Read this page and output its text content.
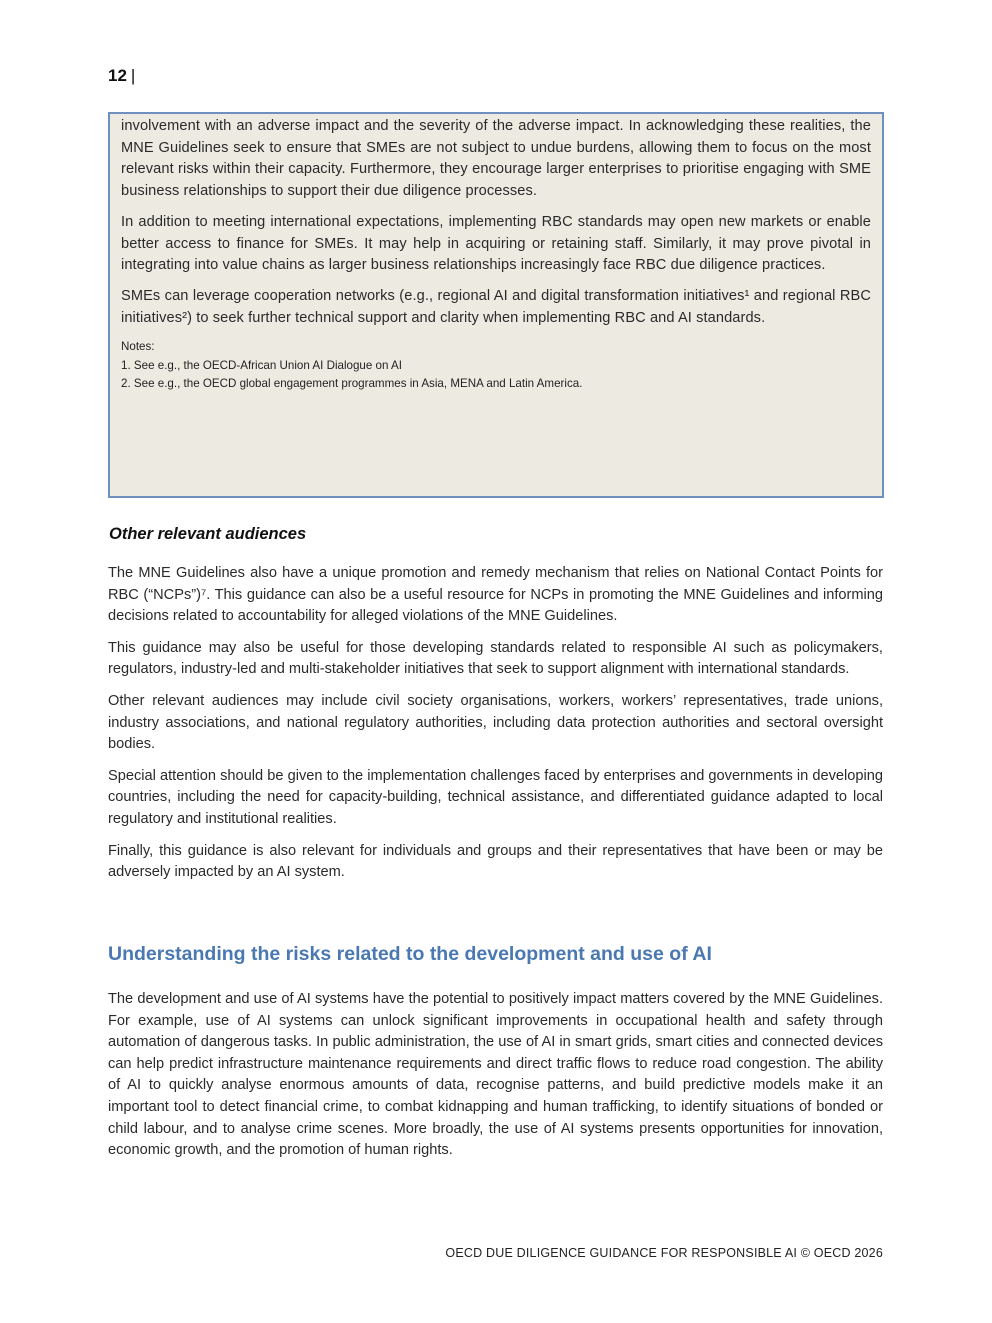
12 |

involvement with an adverse impact and the severity of the adverse impact. In acknowledging these realities, the MNE Guidelines seek to ensure that SMEs are not subject to undue burdens, allowing them to focus on the most relevant risks within their capacity. Furthermore, they encourage larger enterprises to prioritise engaging with SME business relationships to support their due diligence processes.

In addition to meeting international expectations, implementing RBC standards may open new markets or enable better access to finance for SMEs. It may help in acquiring or retaining staff. Similarly, it may prove pivotal in integrating into value chains as larger business relationships increasingly face RBC due diligence practices.

SMEs can leverage cooperation networks (e.g., regional AI and digital transformation initiatives¹ and regional RBC initiatives²) to seek further technical support and clarity when implementing RBC and AI standards.

Notes:
1. See e.g., the OECD-African Union AI Dialogue on AI
2. See e.g., the OECD global engagement programmes in Asia, MENA and Latin America.
Other relevant audiences

The MNE Guidelines also have a unique promotion and remedy mechanism that relies on National Contact Points for RBC (“NCPs”)⁷. This guidance can also be a useful resource for NCPs in promoting the MNE Guidelines and informing decisions related to accountability for alleged violations of the MNE Guidelines.

This guidance may also be useful for those developing standards related to responsible AI such as policymakers, regulators, industry-led and multi-stakeholder initiatives that seek to support alignment with international standards.

Other relevant audiences may include civil society organisations, workers, workers’ representatives, trade unions, industry associations, and national regulatory authorities, including data protection authorities and sectoral oversight bodies.

Special attention should be given to the implementation challenges faced by enterprises and governments in developing countries, including the need for capacity-building, technical assistance, and differentiated guidance adapted to local regulatory and institutional realities.

Finally, this guidance is also relevant for individuals and groups and their representatives that have been or may be adversely impacted by an AI system.

Understanding the risks related to the development and use of AI

The development and use of AI systems have the potential to positively impact matters covered by the MNE Guidelines. For example, use of AI systems can unlock significant improvements in occupational health and safety through automation of dangerous tasks. In public administration, the use of AI in smart grids, smart cities and connected devices can help predict infrastructure maintenance requirements and direct traffic flows to reduce road congestion. The ability of AI to quickly analyse enormous amounts of data, recognise patterns, and build predictive models make it an important tool to detect financial crime, to combat kidnapping and human trafficking, to identify situations of bonded or child labour, and to analyse crime scenes. More broadly, the use of AI systems presents opportunities for innovation, economic growth, and the promotion of human rights.

OECD DUE DILIGENCE GUIDANCE FOR RESPONSIBLE AI © OECD 2026
